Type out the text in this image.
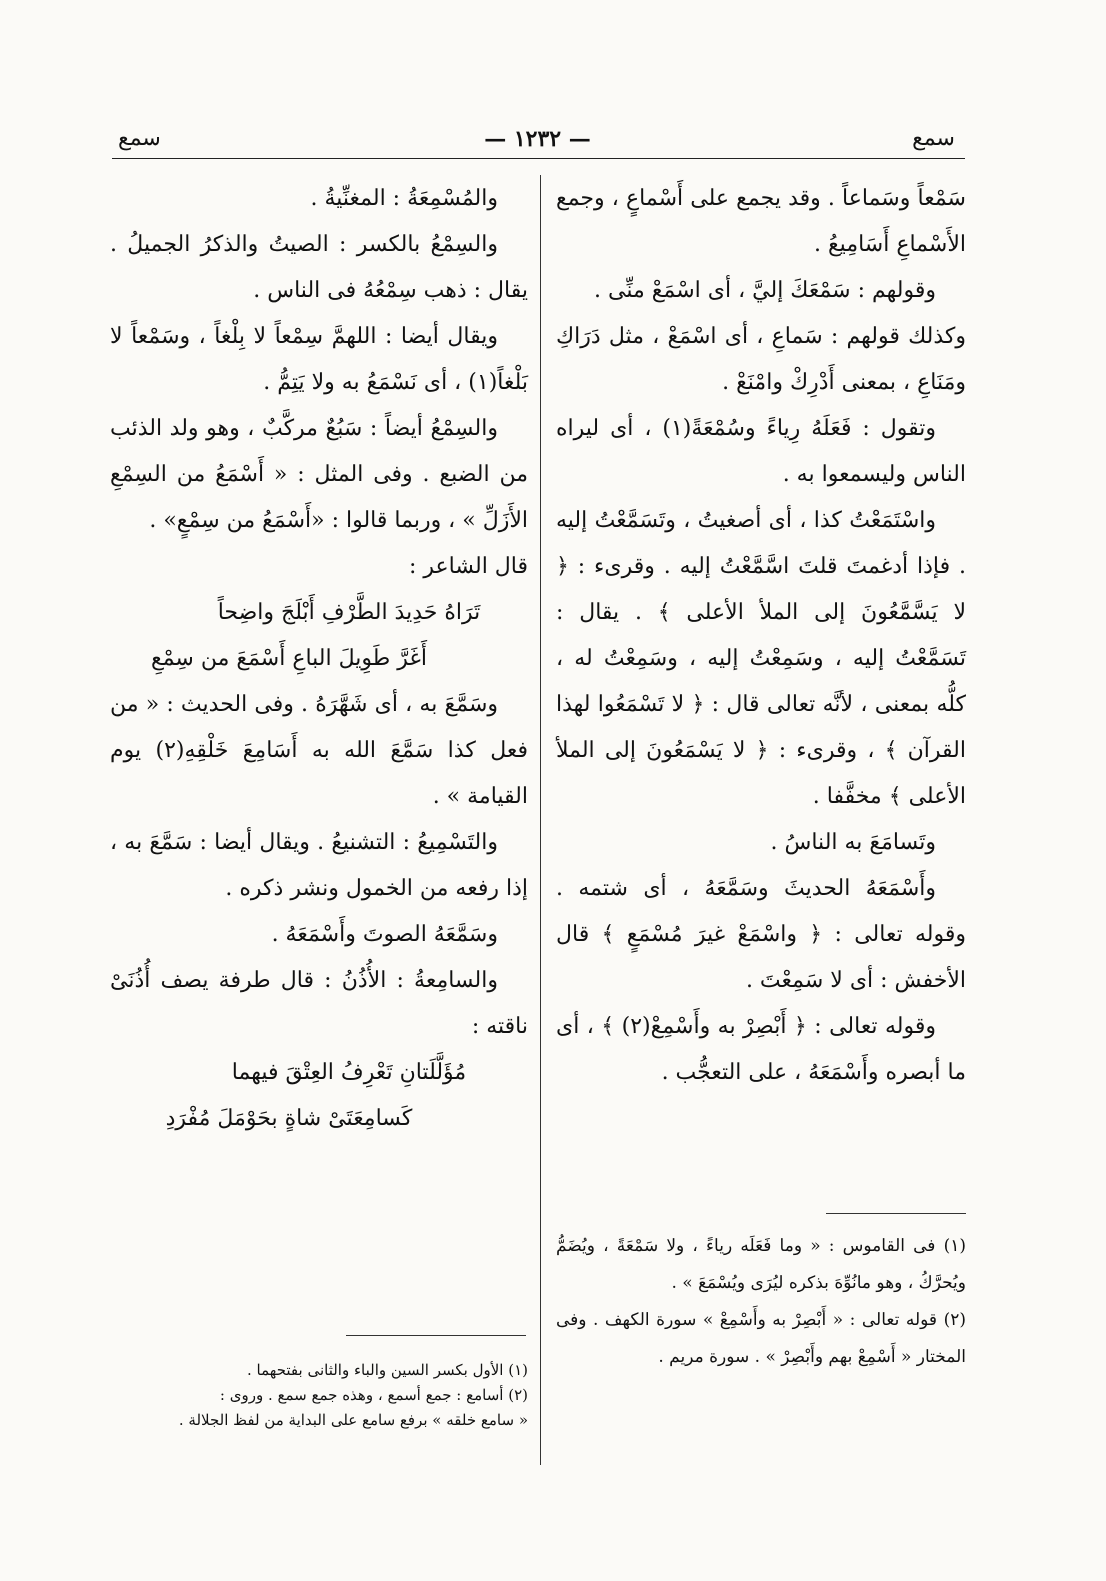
سمع
— ١٢٣٢ —
سمع

سَمْعاً وسَماعاً . وقد يجمع على أَسْماعٍ ، وجمع الأَسْماعِ أَسَامِيعُ .

وقولهم : سَمْعَكَ إليَّ ، أى اسْمَعْ منِّى .

وكذلك قولهم : سَماعِ ، أى اسْمَعْ ، مثل دَرَاكِ ومَنَاعِ ، بمعنى أَدْرِكْ وامْنَعْ .

وتقول : فَعَلَهُ رِياءً وسُمْعَةً(١) ، أى ليراه الناس وليسمعوا به .

واسْتَمَعْتُ كذا ، أى أصغيتُ ، وتَسَمَّعْتُ إليه . فإذا أدغمتَ قلتَ اسَّمَّعْتُ إليه . وقرىء : ﴿ لا يَسَّمَّعُونَ إلى الملأ الأعلى ﴾ . يقال : تَسَمَّعْتُ إليه ، وسَمِعْتُ إليه ، وسَمِعْتُ له ، كلُّه بمعنى ، لأنَّه تعالى قال : ﴿ لا تَسْمَعُوا لهذا القرآن ﴾ ، وقرىء : ﴿ لا يَسْمَعُونَ إلى الملأ الأعلى ﴾ مخفَّفا .

وتَسامَعَ به الناسُ .

وأَسْمَعَهُ الحديثَ وسَمَّعَهُ ، أى شتمه . وقوله تعالى : ﴿ واسْمَعْ غيرَ مُسْمَعٍ ﴾ قال الأخفش : أى لا سَمِعْتَ .

وقوله تعالى : ﴿ أَبْصِرْ به وأَسْمِعْ(٢) ﴾ ، أى ما أبصره وأَسْمَعَهُ ، على التعجُّب .

(١) فى القاموس : « وما فَعَلَه رياءً ، ولا سَمْعَةً ، ويُضَمُّ ويُحرَّكُ ، وهو مانُوِّهَ بذكره ليُرَى ويُسْمَعَ » .

(٢) قوله تعالى : « أَبْصِرْ به وأَسْمِعْ » سورة الكهف . وفى المختار « أَسْمِعْ بهم وأَبْصِرْ » . سورة مريم .

والمُسْمِعَةُ : المغنِّيةُ .

والسِمْعُ بالكسر : الصيتُ والذكرُ الجميلُ . يقال : ذهب سِمْعُهُ فى الناس .

ويقال أيضا : اللهمَّ سِمْعاً لا بِلْغاً ، وسَمْعاً لا بَلْغاً(١) ، أى نَسْمَعُ به ولا يَتِمُّ .

والسِمْعُ أيضاً : سَبُعٌ مركَّبٌ ، وهو ولد الذئب من الضبع . وفى المثل : « أَسْمَعُ من السِمْعِ الأَزَلِّ » ، وربما قالوا : «أَسْمَعُ من سِمْعٍ» .

قال الشاعر :

تَرَاهُ حَدِيدَ الطَّرْفِ أَبْلَجَ واضِحاً

أَغَرَّ طَوِيلَ الباعِ أَسْمَعَ من سِمْعِ

وسَمَّعَ به ، أى شَهَّرَهُ . وفى الحديث : « من فعل كذا سَمَّعَ الله به أَسَامِعَ خَلْقِهِ(٢) يوم القيامة » .

والتَسْمِيعُ : التشنيعُ . ويقال أيضا : سَمَّعَ به ، إذا رفعه من الخمول ونشر ذكره .

وسَمَّعَهُ الصوتَ وأَسْمَعَهُ .

والسامِعةُ : الأُذُنُ : قال طرفة يصف أُذُنَىْ ناقته :

مُؤَلَّلَتانِ تَعْرِفُ العِتْقَ فيهما

كَسامِعَتَىْ شاةٍ بحَوْمَلَ مُفْرَدِ

(١) الأول بكسر السين والباء والثانى بفتحهما .

(٢) أسامع : جمع أسمع ، وهذه جمع سمع . وروى :

« سامع خلقه » برفع سامع على البداية من لفظ الجلالة .
